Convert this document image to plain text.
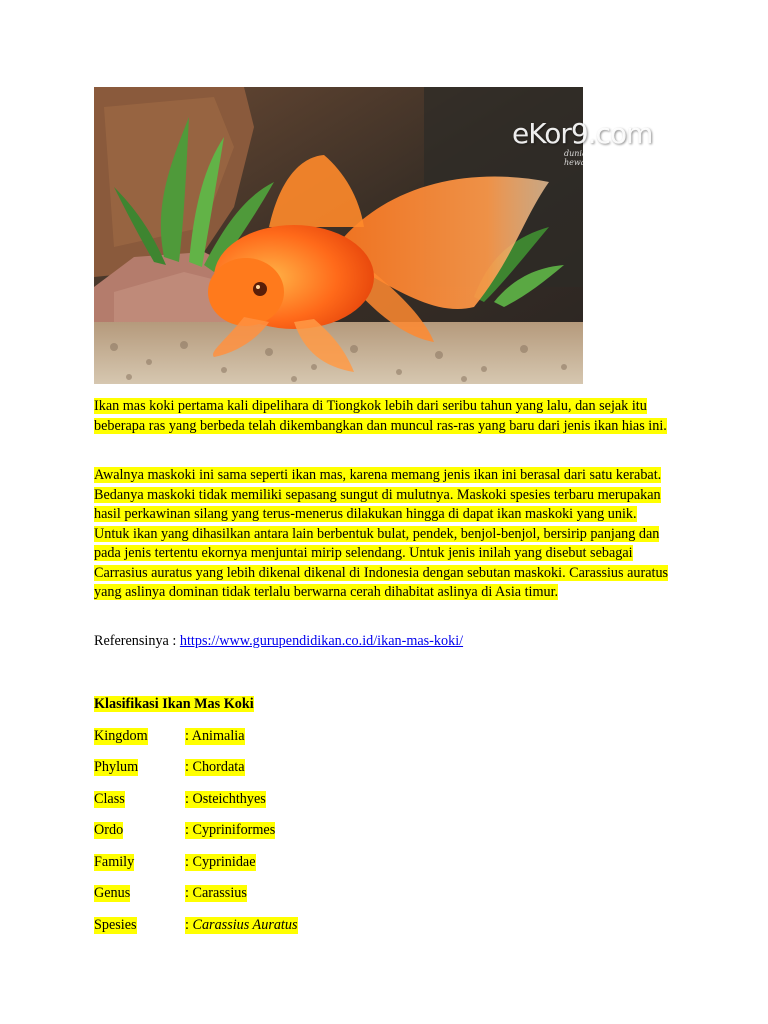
eKor9.com
dunia hewan
Ikan mas koki pertama kali dipelihara di Tiongkok lebih dari seribu tahun yang lalu, dan sejak itu beberapa ras yang berbeda telah dikembangkan dan muncul ras-ras yang baru dari jenis ikan hias ini.
Awalnya maskoki ini sama seperti ikan mas, karena memang jenis ikan ini berasal dari satu kerabat. Bedanya maskoki tidak memiliki sepasang sungut di mulutnya. Maskoki spesies terbaru merupakan hasil perkawinan silang yang terus-menerus dilakukan hingga di dapat ikan maskoki yang unik. Untuk ikan yang dihasilkan antara lain berbentuk bulat, pendek, benjol-benjol, bersirip panjang dan pada jenis tertentu ekornya menjuntai mirip selendang. Untuk jenis inilah yang disebut sebagai Carrasius auratus yang lebih dikenal dikenal di Indonesia dengan sebutan maskoki. Carassius auratus yang aslinya dominan tidak terlalu berwarna cerah dihabitat aslinya di Asia timur.
Referensinya : https://www.gurupendidikan.co.id/ikan-mas-koki/
Klasifikasi Ikan Mas Koki
Kingdom	: Animalia
Phylum	: Chordata
Class	: Osteichthyes
Ordo	: Cypriniformes
Family	: Cyprinidae
Genus	: Carassius
Spesies	: Carassius Auratus
